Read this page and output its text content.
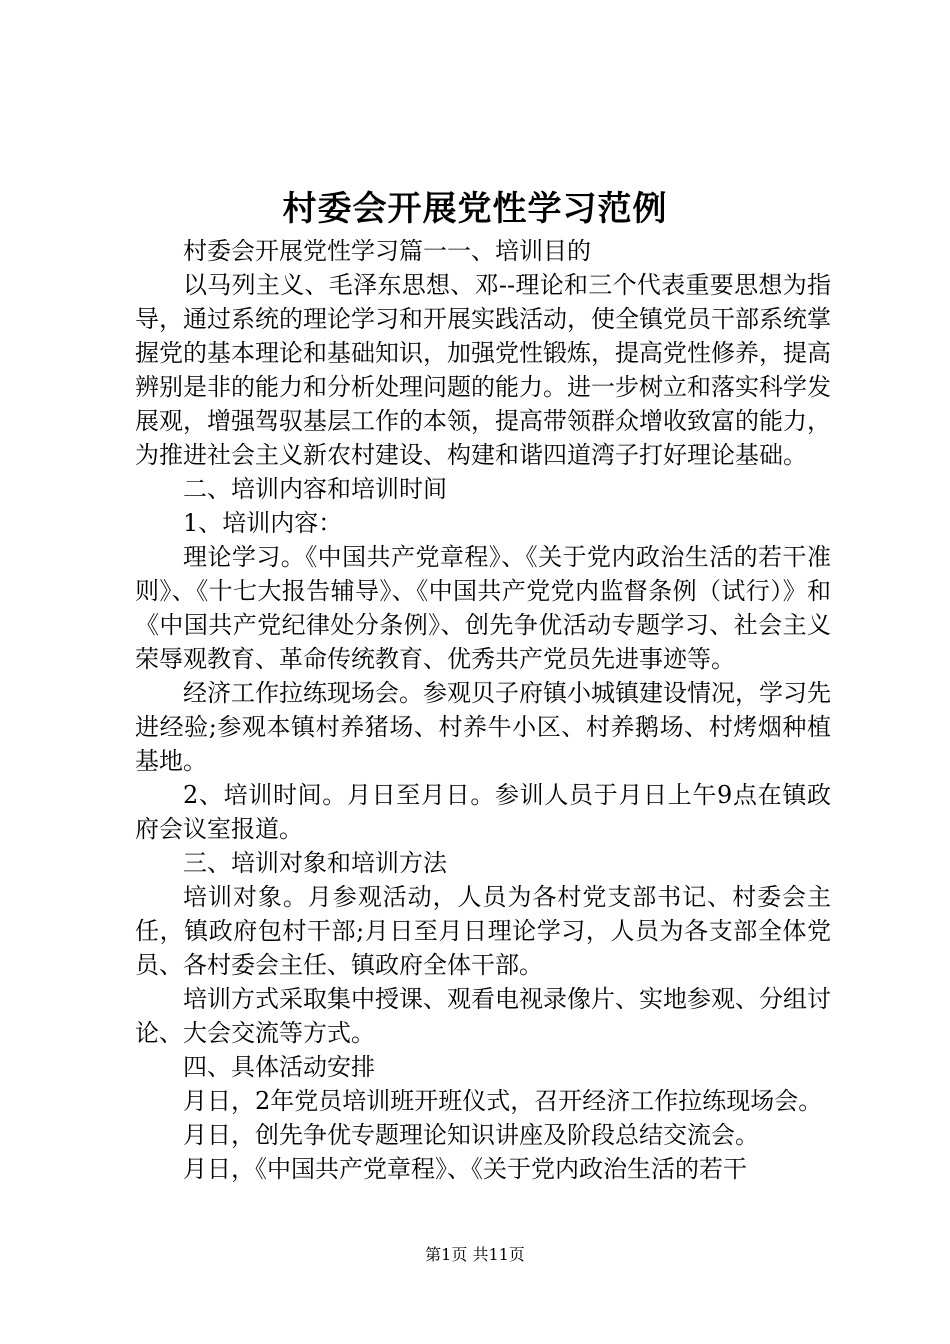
村委会开展党性学习范例

村委会开展党性学习篇一一、培训目的

以马列主义、毛泽东思想、邓--理论和三个代表重要思想为指导，通过系统的理论学习和开展实践活动，使全镇党员干部系统掌握党的基本理论和基础知识，加强党性锻炼，提高党性修养，提高辨别是非的能力和分析处理问题的能力。进一步树立和落实科学发展观，增强驾驭基层工作的本领，提高带领群众增收致富的能力，为推进社会主义新农村建设、构建和谐四道湾子打好理论基础。

二、培训内容和培训时间

1、培训内容：

理论学习。《中国共产党章程》、《关于党内政治生活的若干准则》、《十七大报告辅导》、《中国共产党党内监督条例（试行）》和《中国共产党纪律处分条例》、创先争优活动专题学习、社会主义荣辱观教育、革命传统教育、优秀共产党员先进事迹等。

经济工作拉练现场会。参观贝子府镇小城镇建设情况，学习先进经验;参观本镇村养猪场、村养牛小区、村养鹅场、村烤烟种植基地。

2、培训时间。月日至月日。参训人员于月日上午9点在镇政府会议室报道。

三、培训对象和培训方法

培训对象。月参观活动，人员为各村党支部书记、村委会主任，镇政府包村干部;月日至月日理论学习，人员为各支部全体党员、各村委会主任、镇政府全体干部。

培训方式采取集中授课、观看电视录像片、实地参观、分组讨论、大会交流等方式。

四、具体活动安排

月日，2年党员培训班开班仪式，召开经济工作拉练现场会。

月日，创先争优专题理论知识讲座及阶段总结交流会。

月日，《中国共产党章程》、《关于党内政治生活的若干

第1页 共11页
